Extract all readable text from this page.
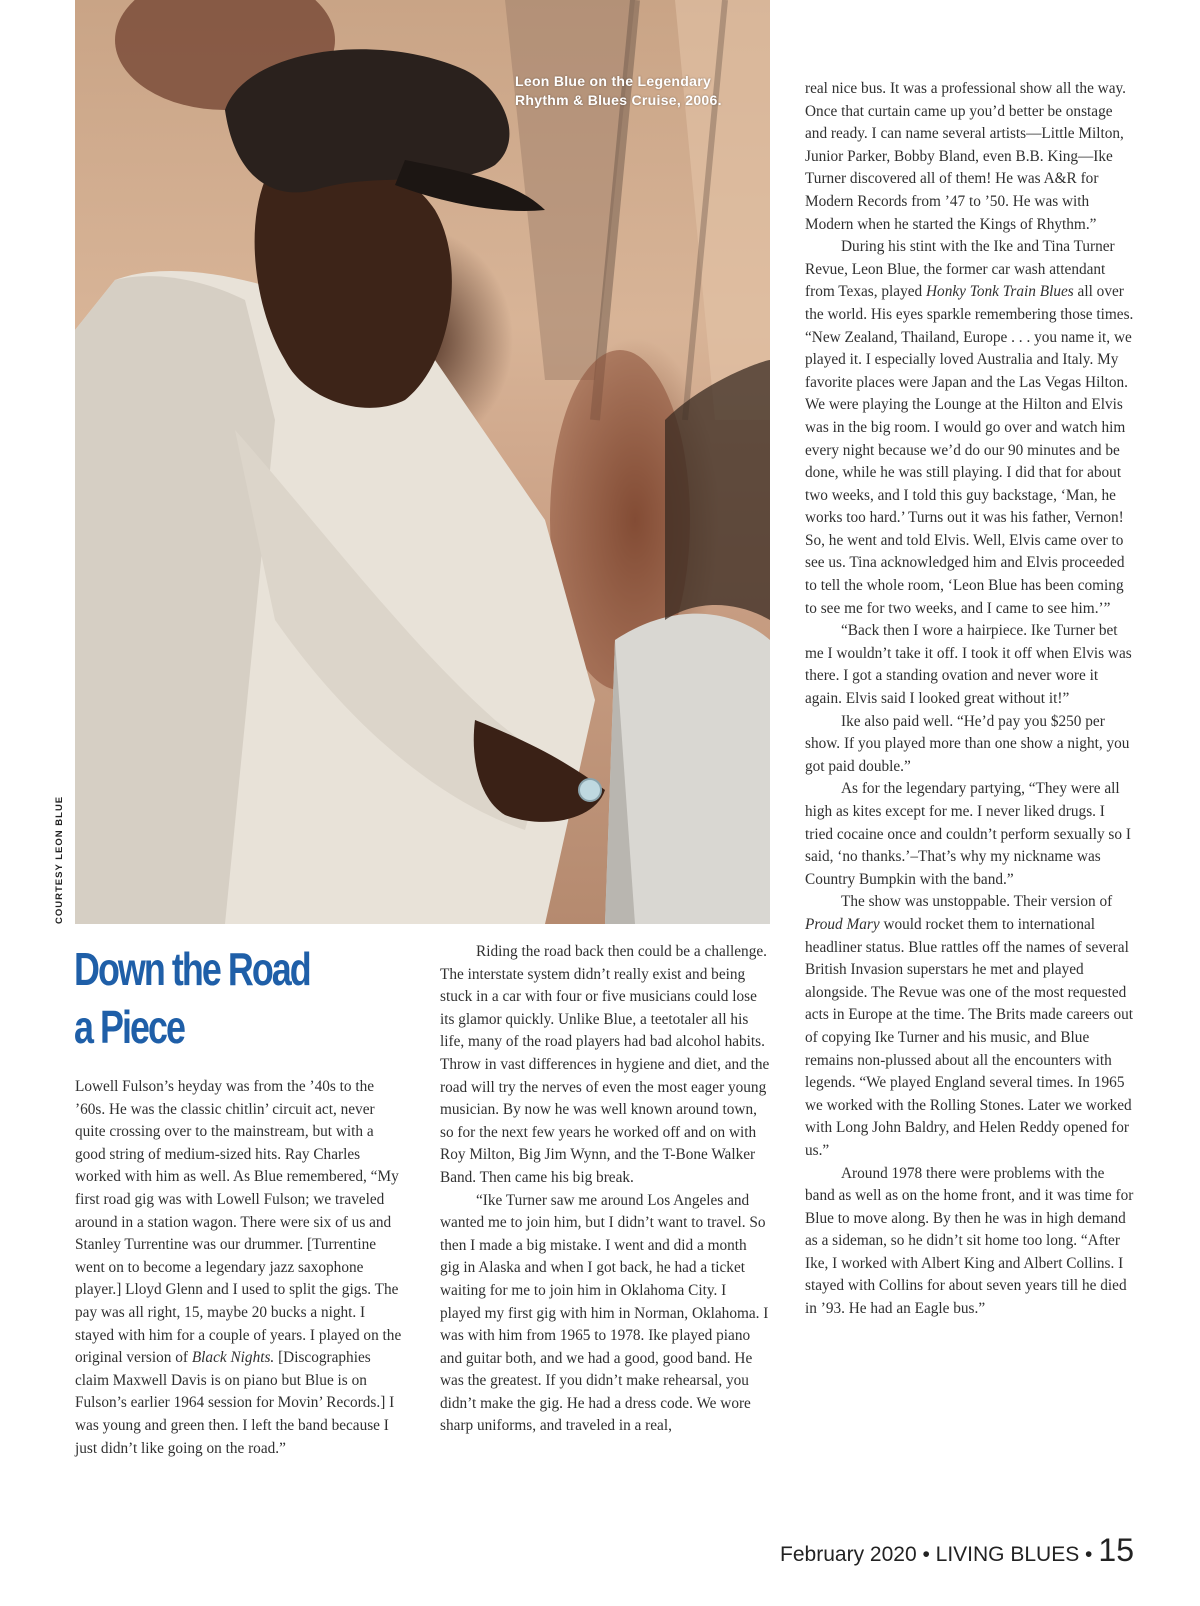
Leon Blue on the Legendary Rhythm & Blues Cruise, 2006.
COURTESY LEON BLUE
Down the Road
a Piece

Lowell Fulson’s heyday was from the ’40s to the ’60s. He was the classic chitlin’ circuit act, never quite crossing over to the mainstream, but with a good string of medium-sized hits. Ray Charles worked with him as well. As Blue remembered, “My first road gig was with Lowell Fulson; we traveled around in a station wagon. There were six of us and Stanley Turrentine was our drummer. [Turrentine went on to become a legendary jazz saxophone player.] Lloyd Glenn and I used to split the gigs. The pay was all right, 15, maybe 20 bucks a night. I stayed with him for a couple of years. I played on the original version of Black Nights. [Discographies claim Maxwell Davis is on piano but Blue is on Fulson’s earlier 1964 session for Movin’ Records.] I was young and green then. I left the band because I just didn’t like going on the road.”

Riding the road back then could be a challenge. The interstate system didn’t really exist and being stuck in a car with four or five musicians could lose its glamor quickly. Unlike Blue, a teetotaler all his life, many of the road players had bad alcohol habits. Throw in vast differences in hygiene and diet, and the road will try the nerves of even the most eager young musician. By now he was well known around town, so for the next few years he worked off and on with Roy Milton, Big Jim Wynn, and the T-Bone Walker Band. Then came his big break.

“Ike Turner saw me around Los Angeles and wanted me to join him, but I didn’t want to travel. So then I made a big mistake. I went and did a month gig in Alaska and when I got back, he had a ticket waiting for me to join him in Oklahoma City. I played my first gig with him in Norman, Oklahoma. I was with him from 1965 to 1978. Ike played piano and guitar both, and we had a good, good band. He was the greatest. If you didn’t make rehearsal, you didn’t make the gig. He had a dress code. We wore sharp uniforms, and traveled in a real,

real nice bus. It was a professional show all the way. Once that curtain came up you’d better be onstage and ready. I can name several artists—Little Milton, Junior Parker, Bobby Bland, even B.B. King—Ike Turner discovered all of them! He was A&R for Modern Records from ’47 to ’50. He was with Modern when he started the Kings of Rhythm.”

During his stint with the Ike and Tina Turner Revue, Leon Blue, the former car wash attendant from Texas, played Honky Tonk Train Blues all over the world. His eyes sparkle remembering those times. “New Zealand, Thailand, Europe . . . you name it, we played it. I especially loved Australia and Italy. My favorite places were Japan and the Las Vegas Hilton. We were playing the Lounge at the Hilton and Elvis was in the big room. I would go over and watch him every night because we’d do our 90 minutes and be done, while he was still playing. I did that for about two weeks, and I told this guy backstage, ‘Man, he works too hard.’ Turns out it was his father, Vernon! So, he went and told Elvis. Well, Elvis came over to see us. Tina acknowledged him and Elvis proceeded to tell the whole room, ‘Leon Blue has been coming to see me for two weeks, and I came to see him.’”

“Back then I wore a hairpiece. Ike Turner bet me I wouldn’t take it off. I took it off when Elvis was there. I got a standing ovation and never wore it again. Elvis said I looked great without it!”

Ike also paid well. “He’d pay you $250 per show. If you played more than one show a night, you got paid double.”

As for the legendary partying, “They were all high as kites except for me. I never liked drugs. I tried cocaine once and couldn’t perform sexually so I said, ‘no thanks.’–That’s why my nickname was Country Bumpkin with the band.”

The show was unstoppable. Their version of Proud Mary would rocket them to international headliner status. Blue rattles off the names of several British Invasion superstars he met and played alongside. The Revue was one of the most requested acts in Europe at the time. The Brits made careers out of copying Ike Turner and his music, and Blue remains non-plussed about all the encounters with legends. “We played England several times. In 1965 we worked with the Rolling Stones. Later we worked with Long John Baldry, and Helen Reddy opened for us.”

Around 1978 there were problems with the band as well as on the home front, and it was time for Blue to move along. By then he was in high demand as a sideman, so he didn’t sit home too long. “After Ike, I worked with Albert King and Albert Collins. I stayed with Collins for about seven years till he died in ’93. He had an Eagle bus.”

February 2020 • LIVING BLUES • 15
